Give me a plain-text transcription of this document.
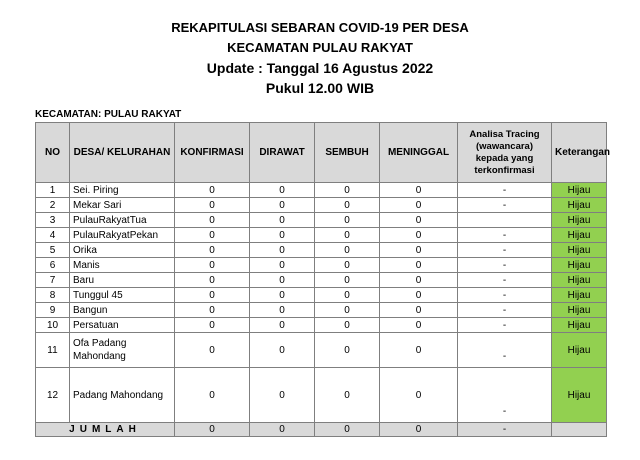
REKAPITULASI SEBARAN COVID-19 PER DESA
KECAMATAN PULAU RAKYAT
Update : Tanggal 16 Agustus 2022
Pukul 12.00 WIB
KECAMATAN: PULAU RAKYAT
NO	DESA/ KELURAHAN	KONFIRMASI	DIRAWAT	SEMBUH	MENINGGAL	Analisa Tracing (wawancara) kepada yang terkonfirmasi	Keterangan
1	Sei. Piring	0	0	0	0	-	Hijau
2	Mekar Sari	0	0	0	0	-	Hijau
3	PulauRakyatTua	0	0	0	0		Hijau
4	PulauRakyatPekan	0	0	0	0	-	Hijau
5	Orika	0	0	0	0	-	Hijau
6	Manis	0	0	0	0	-	Hijau
7	Baru	0	0	0	0	-	Hijau
8	Tunggul 45	0	0	0	0	-	Hijau
9	Bangun	0	0	0	0	-	Hijau
10	Persatuan	0	0	0	0	-	Hijau
11	Ofa Padang Mahondang	0	0	0	0	-	Hijau
12	Padang Mahondang	0	0	0	0	-	Hijau
JUMLAH		0	0	0	0	-	
